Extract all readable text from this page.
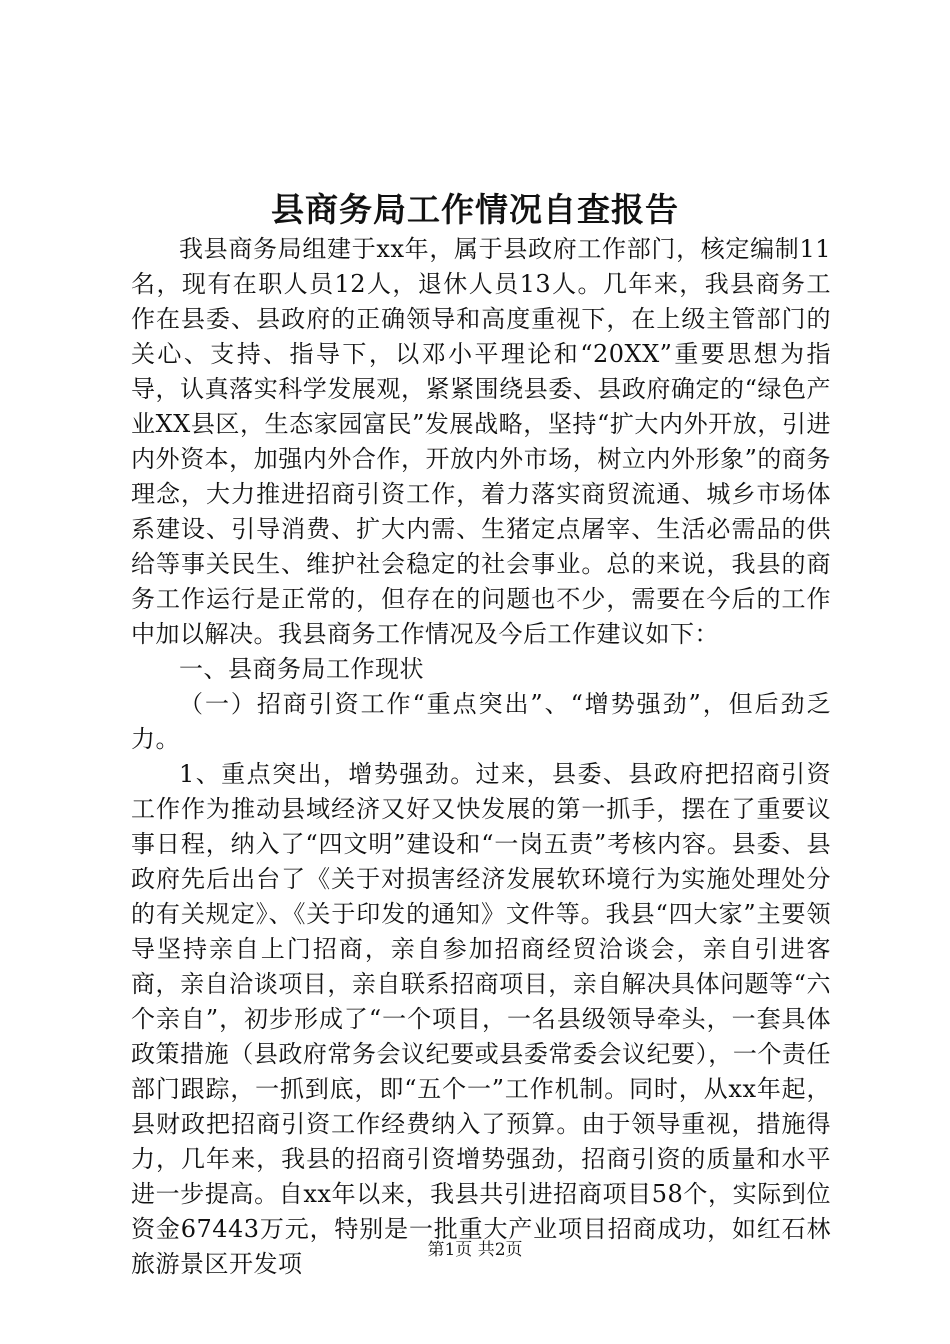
县商务局工作情况自查报告

我县商务局组建于xx年，属于县政府工作部门，核定编制11名，现有在职人员12人，退休人员13人。几年来，我县商务工作在县委、县政府的正确领导和高度重视下，在上级主管部门的关心、支持、指导下，以邓小平理论和“20XX”重要思想为指导，认真落实科学发展观，紧紧围绕县委、县政府确定的“绿色产业XX县区，生态家园富民”发展战略，坚持“扩大内外开放，引进内外资本，加强内外合作，开放内外市场，树立内外形象”的商务理念，大力推进招商引资工作，着力落实商贸流通、城乡市场体系建设、引导消费、扩大内需、生猪定点屠宰、生活必需品的供给等事关民生、维护社会稳定的社会事业。总的来说，我县的商务工作运行是正常的，但存在的问题也不少，需要在今后的工作中加以解决。我县商务工作情况及今后工作建议如下：

一、县商务局工作现状

（一）招商引资工作“重点突出”、“增势强劲”，但后劲乏力。

1、重点突出，增势强劲。过来，县委、县政府把招商引资工作作为推动县域经济又好又快发展的第一抓手，摆在了重要议事日程，纳入了“四文明”建设和“一岗五责”考核内容。县委、县政府先后出台了《关于对损害经济发展软环境行为实施处理处分的有关规定》、《关于印发的通知》文件等。我县“四大家”主要领导坚持亲自上门招商，亲自参加招商经贸洽谈会，亲自引进客商，亲自洽谈项目，亲自联系招商项目，亲自解决具体问题等“六个亲自”，初步形成了“一个项目，一名县级领导牵头，一套具体政策措施（县政府常务会议纪要或县委常委会议纪要），一个责任部门跟踪，一抓到底，即“五个一”工作机制。同时，从xx年起，县财政把招商引资工作经费纳入了预算。由于领导重视，措施得力，几年来，我县的招商引资增势强劲，招商引资的质量和水平进一步提高。自xx年以来，我县共引进招商项目58个，实际到位资金67443万元，特别是一批重大产业项目招商成功，如红石林旅游景区开发项	第1页 共2页
